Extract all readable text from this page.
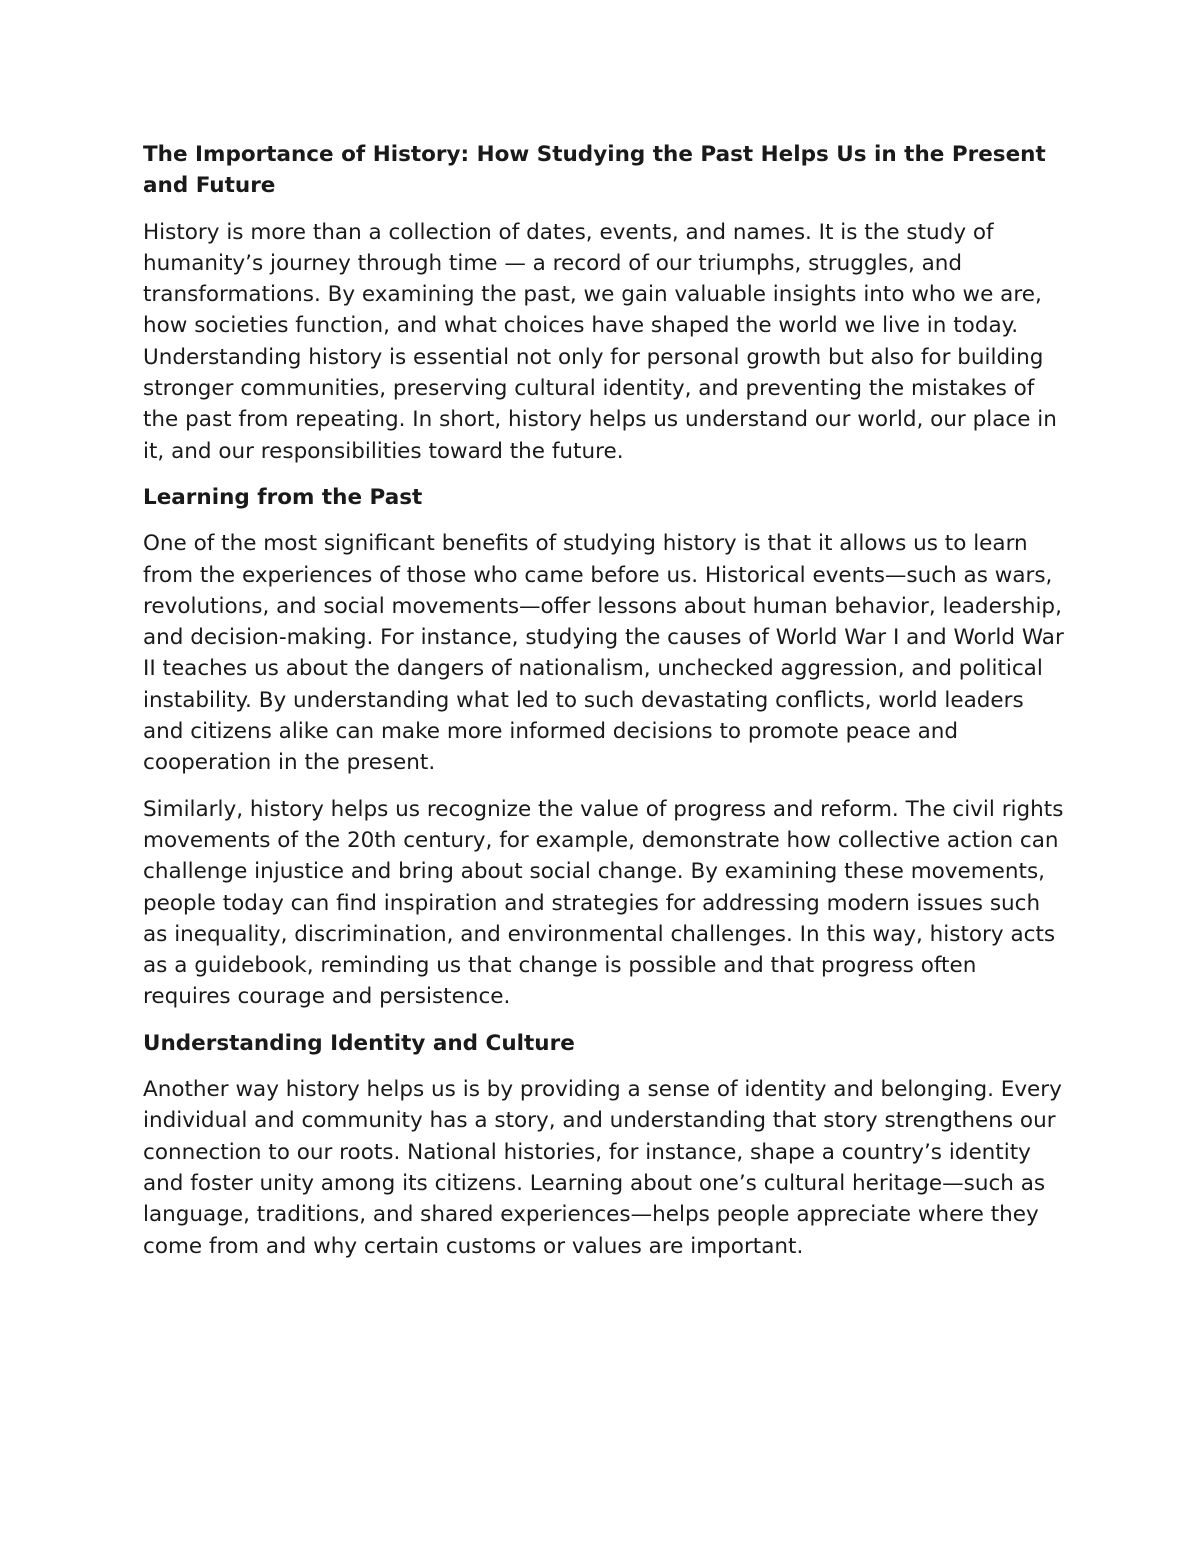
The Importance of History: How Studying the Past Helps Us in the Present and Future

History is more than a collection of dates, events, and names. It is the study of humanity’s journey through time — a record of our triumphs, struggles, and transformations. By examining the past, we gain valuable insights into who we are, how societies function, and what choices have shaped the world we live in today. Understanding history is essential not only for personal growth but also for building stronger communities, preserving cultural identity, and preventing the mistakes of the past from repeating. In short, history helps us understand our world, our place in it, and our responsibilities toward the future.

Learning from the Past

One of the most significant benefits of studying history is that it allows us to learn from the experiences of those who came before us. Historical events—such as wars, revolutions, and social movements—offer lessons about human behavior, leadership, and decision-making. For instance, studying the causes of World War I and World War II teaches us about the dangers of nationalism, unchecked aggression, and political instability. By understanding what led to such devastating conflicts, world leaders and citizens alike can make more informed decisions to promote peace and cooperation in the present.

Similarly, history helps us recognize the value of progress and reform. The civil rights movements of the 20th century, for example, demonstrate how collective action can challenge injustice and bring about social change. By examining these movements, people today can find inspiration and strategies for addressing modern issues such as inequality, discrimination, and environmental challenges. In this way, history acts as a guidebook, reminding us that change is possible and that progress often requires courage and persistence.

Understanding Identity and Culture

Another way history helps us is by providing a sense of identity and belonging. Every individual and community has a story, and understanding that story strengthens our connection to our roots. National histories, for instance, shape a country’s identity and foster unity among its citizens. Learning about one’s cultural heritage—such as language, traditions, and shared experiences—helps people appreciate where they come from and why certain customs or values are important.
